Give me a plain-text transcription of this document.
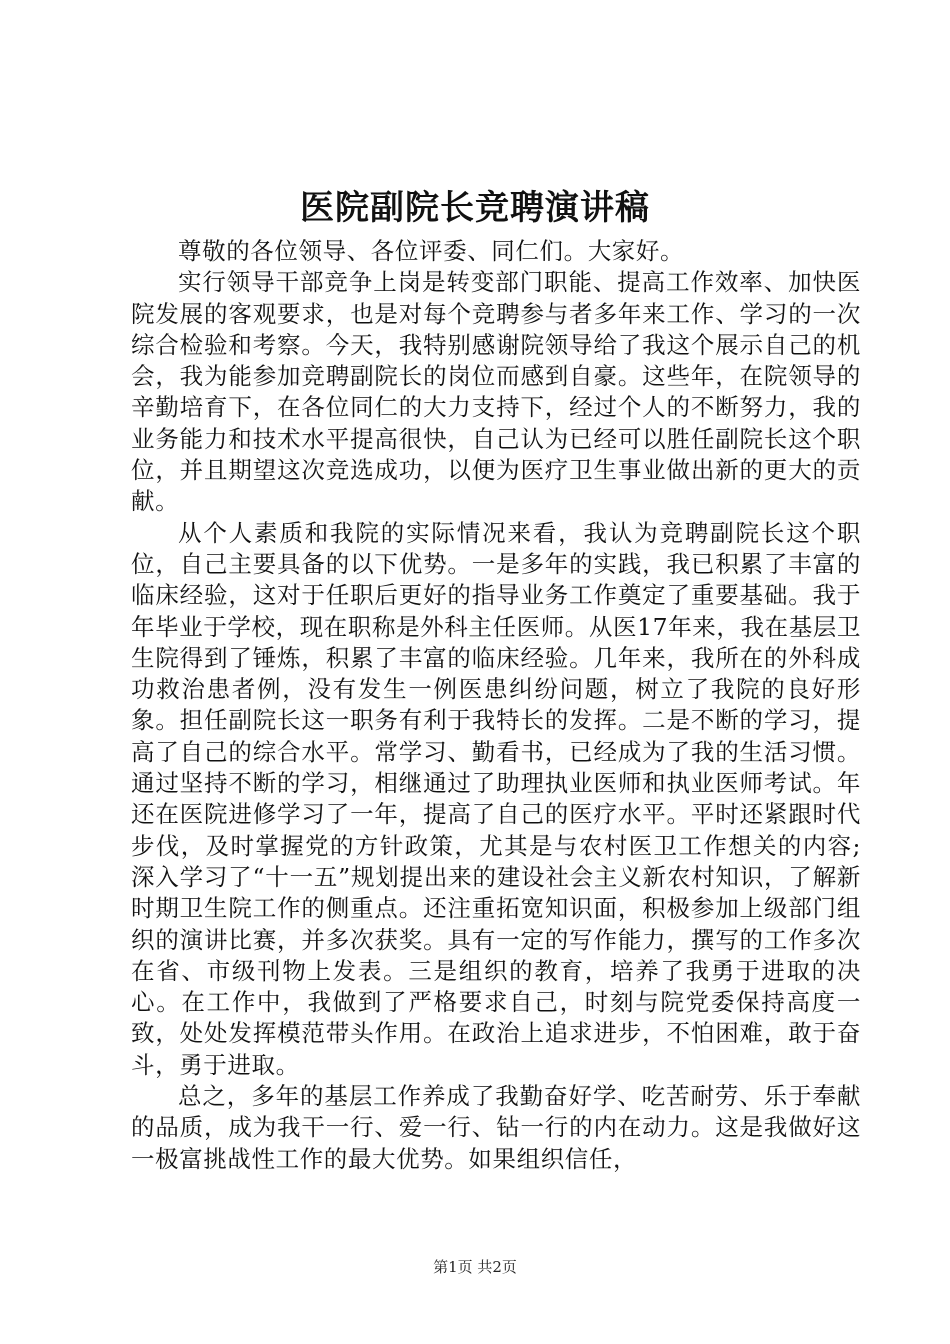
医院副院长竞聘演讲稿

尊敬的各位领导、各位评委、同仁们。大家好。

实行领导干部竞争上岗是转变部门职能、提高工作效率、加快医院发展的客观要求，也是对每个竞聘参与者多年来工作、学习的一次综合检验和考察。今天，我特别感谢院领导给了我这个展示自己的机会，我为能参加竞聘副院长的岗位而感到自豪。这些年，在院领导的辛勤培育下，在各位同仁的大力支持下，经过个人的不断努力，我的业务能力和技术水平提高很快，自己认为已经可以胜任副院长这个职位，并且期望这次竞选成功，以便为医疗卫生事业做出新的更大的贡献。

从个人素质和我院的实际情况来看，我认为竞聘副院长这个职位，自己主要具备的以下优势。一是多年的实践，我已积累了丰富的临床经验，这对于任职后更好的指导业务工作奠定了重要基础。我于年毕业于学校，现在职称是外科主任医师。从医17年来，我在基层卫生院得到了锤炼，积累了丰富的临床经验。几年来，我所在的外科成功救治患者例，没有发生一例医患纠纷问题，树立了我院的良好形象。担任副院长这一职务有利于我特长的发挥。二是不断的学习，提高了自己的综合水平。常学习、勤看书，已经成为了我的生活习惯。通过坚持不断的学习，相继通过了助理执业医师和执业医师考试。年还在医院进修学习了一年，提高了自己的医疗水平。平时还紧跟时代步伐，及时掌握党的方针政策，尤其是与农村医卫工作想关的内容;深入学习了“十一五”规划提出来的建设社会主义新农村知识，了解新时期卫生院工作的侧重点。还注重拓宽知识面，积极参加上级部门组织的演讲比赛，并多次获奖。具有一定的写作能力，撰写的工作多次在省、市级刊物上发表。三是组织的教育，培养了我勇于进取的决心。在工作中，我做到了严格要求自己，时刻与院党委保持高度一致，处处发挥模范带头作用。在政治上追求进步，不怕困难，敢于奋斗，勇于进取。

总之，多年的基层工作养成了我勤奋好学、吃苦耐劳、乐于奉献的品质，成为我干一行、爱一行、钻一行的内在动力。这是我做好这一极富挑战性工作的最大优势。如果组织信任，

第1页 共2页
